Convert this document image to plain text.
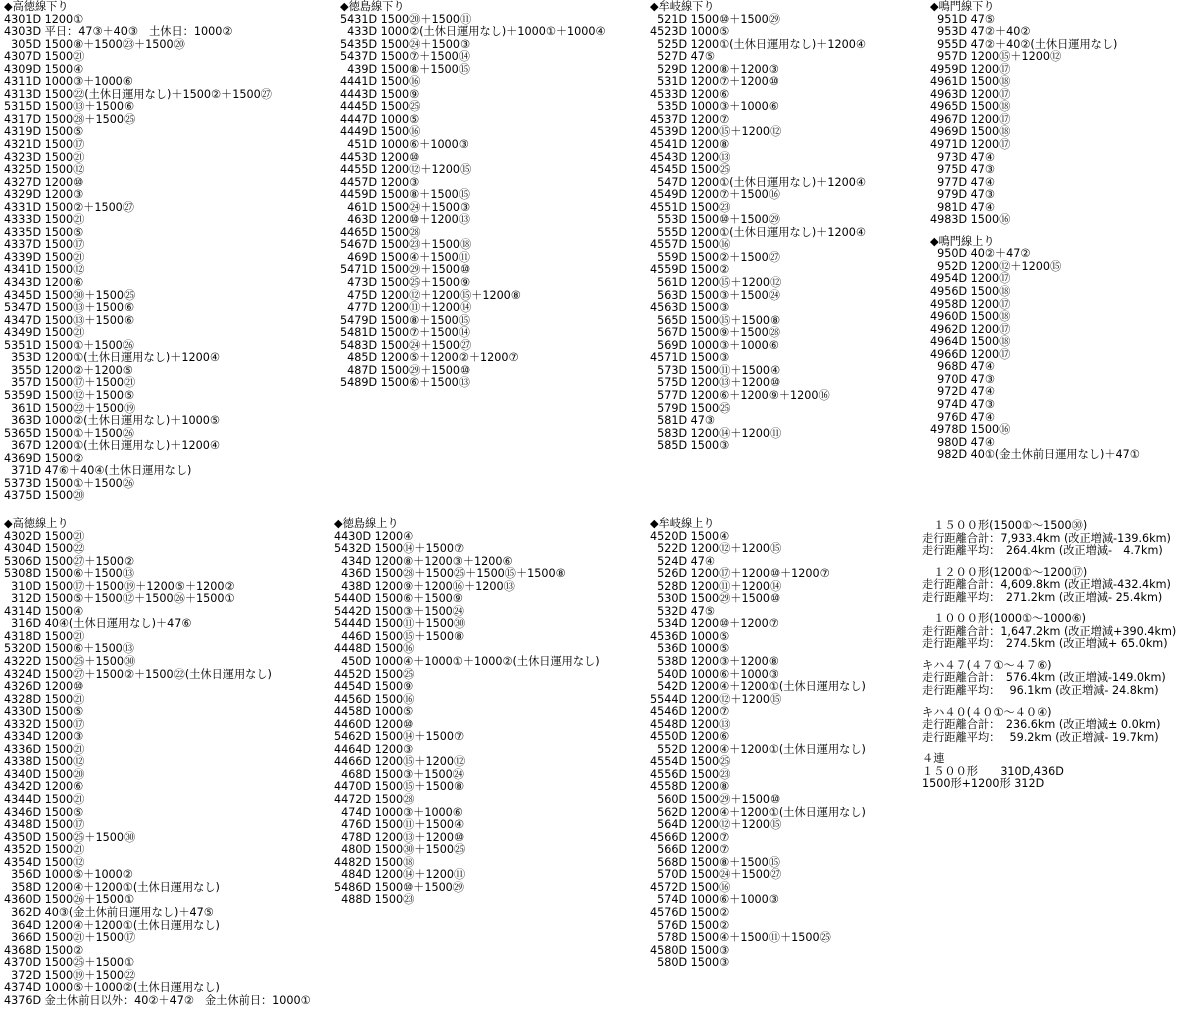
◆高徳線下り
4301D 1200①
4303D 平日：47③＋40③　土休日：1000②
305D 1500⑧＋1500㉓＋1500⑳
4307D 1500㉑
4309D 1500④
4311D 1000③＋1000⑥
4313D 1500㉒(土休日運用なし)＋1500②＋1500㉗
5315D 1500⑬＋1500⑥
4317D 1500㉘＋1500㉕
4319D 1500⑤
4321D 1500⑰
4323D 1500㉑
4325D 1500⑫
4327D 1200⑩
4329D 1200③
4331D 1500②＋1500㉗
4333D 1500㉑
4335D 1500⑤
4337D 1500⑰
4339D 1500㉑
4341D 1500⑫
4343D 1200⑥
4345D 1500㉚＋1500㉕
5347D 1500⑬＋1500⑥
4347D 1500⑬＋1500⑥
4349D 1500㉑
5351D 1500①＋1500㉖
353D 1200①(土休日運用なし)＋1200④
355D 1200②＋1200⑤
357D 1500⑰＋1500㉑
5359D 1500⑫＋1500⑤
361D 1500㉒＋1500⑲
363D 1000②(土休日運用なし)＋1000⑤
5365D 1500①＋1500㉖
367D 1200①(土休日運用なし)＋1200④
4369D 1500②
371D 47⑥＋40④(土休日運用なし)
5373D 1500①＋1500㉖
4375D 1500⑳
◆徳島線下り
5431D 1500⑳＋1500⑪
433D 1000②(土休日運用なし)＋1000①＋1000④
5435D 1500㉔＋1500③
5437D 1500⑦＋1500⑭
439D 1500⑧＋1500⑮
4441D 1500⑯
4443D 1500⑨
4445D 1500㉕
4447D 1000⑤
4449D 1500⑯
451D 1000⑥＋1000③
4453D 1200⑩
4455D 1200⑫＋1200⑮
4457D 1200③
4459D 1500⑧＋1500⑮
461D 1500㉔＋1500③
463D 1200⑩＋1200⑬
4465D 1500㉘
5467D 1500㉓＋1500⑱
469D 1500④＋1500⑪
5471D 1500㉙＋1500⑩
473D 1500㉕＋1500⑨
475D 1200⑫＋1200⑮＋1200⑧
477D 1200⑪＋1200⑭
5479D 1500⑧＋1500⑮
5481D 1500⑦＋1500⑭
5483D 1500㉔＋1500㉗
485D 1200⑤＋1200②＋1200⑦
487D 1500㉙＋1500⑩
5489D 1500⑥＋1500⑬
◆牟岐線下り
521D 1500⑩＋1500㉙
4523D 1000⑤
525D 1200①(土休日運用なし)＋1200④
527D 47⑤
529D 1200⑧＋1200③
531D 1200⑦＋1200⑩
4533D 1200⑥
535D 1000③＋1000⑥
4537D 1200⑦
4539D 1200⑮＋1200⑫
4541D 1200⑧
4543D 1200⑬
4545D 1500㉕
547D 1200①(土休日運用なし)＋1200④
4549D 1200⑦＋1500⑯
4551D 1500㉓
553D 1500⑩＋1500㉙
555D 1200①(土休日運用なし)＋1200④
4557D 1500⑯
559D 1500②＋1500㉗
4559D 1500②
561D 1200⑮＋1200⑫
563D 1500③＋1500㉔
4563D 1500③
565D 1500⑮＋1500⑧
567D 1500⑨＋1500㉘
569D 1000③＋1000⑥
4571D 1500③
573D 1500⑪＋1500④
575D 1200⑬＋1200⑩
577D 1200⑥＋1200⑨＋1200⑯
579D 1500㉕
581D 47③
583D 1200⑭＋1200⑪
585D 1500③
◆鳴門線下り
951D 47⑤
953D 47②＋40②
955D 47②＋40②(土休日運用なし)
957D 1200⑮＋1200⑫
4959D 1200⑰
4961D 1500⑱
4963D 1200⑰
4965D 1500⑱
4967D 1200⑰
4969D 1500⑱
4971D 1200⑰
973D 47④
975D 47③
977D 47④
979D 47③
981D 47④
4983D 1500⑯
◆鳴門線上り
950D 40②＋47②
952D 1200⑫＋1200⑮
4954D 1200⑰
4956D 1500⑱
4958D 1200⑰
4960D 1500⑱
4962D 1200⑰
4964D 1500⑱
4966D 1200⑰
968D 47④
970D 47③
972D 47④
974D 47③
976D 47④
4978D 1500⑯
980D 47④
982D 40①(金土休前日運用なし)＋47①
◆高徳線上り
4302D 1500㉑
4304D 1500㉒
5306D 1500㉗＋1500②
5308D 1500⑥＋1500⑬
310D 1500⑰＋1500⑲＋1200⑤＋1200②
312D 1500⑤＋1500⑫＋1500㉖＋1500①
4314D 1500④
316D 40④(土休日運用なし)＋47⑥
4318D 1500㉑
5320D 1500⑥＋1500⑬
4322D 1500㉕＋1500㉚
4324D 1500㉗＋1500②＋1500㉒(土休日運用なし)
4326D 1200⑩
4328D 1500㉑
4330D 1500⑤
4332D 1500⑰
4334D 1200③
4336D 1500㉑
4338D 1500⑫
4340D 1500⑳
4342D 1200⑥
4344D 1500㉑
4346D 1500⑤
4348D 1500⑰
4350D 1500㉕＋1500㉚
4352D 1500㉑
4354D 1500⑫
356D 1000⑤＋1000②
358D 1200④＋1200①(土休日運用なし)
4360D 1500㉖＋1500①
362D 40③(金土休前日運用なし)＋47⑤
364D 1200④＋1200①(土休日運用なし)
366D 1500㉑＋1500⑰
4368D 1500②
4370D 1500㉕＋1500①
372D 1500⑲＋1500㉒
4374D 1000⑤＋1000②(土休日運用なし)
4376D 金土休前日以外：40②＋47②　金土休前日：1000①
◆徳島線上り
4430D 1200④
5432D 1500⑭＋1500⑦
434D 1200⑧＋1200③＋1200⑥
436D 1500㉘＋1500㉕＋1500⑮＋1500⑧
438D 1200⑨＋1200⑯＋1200⑬
5440D 1500⑥＋1500⑨
5442D 1500③＋1500㉔
5444D 1500⑪＋1500㉚
446D 1500⑮＋1500⑧
4448D 1500⑯
450D 1000④＋1000①＋1000②(土休日運用なし)
4452D 1500㉕
4454D 1500⑨
4456D 1500⑯
4458D 1000⑤
4460D 1200⑩
5462D 1500⑭＋1500⑦
4464D 1200③
4466D 1200⑮＋1200⑫
468D 1500③＋1500㉔
4470D 1500⑮＋1500⑧
4472D 1500㉘
474D 1000③＋1000⑥
476D 1500⑪＋1500④
478D 1200⑬＋1200⑩
480D 1500㉚＋1500㉕
4482D 1500⑱
484D 1200⑭＋1200⑪
5486D 1500⑩＋1500㉙
488D 1500㉓
◆牟岐線上り
4520D 1500④
522D 1200⑫＋1200⑮
524D 47④
526D 1200⑰＋1200⑩＋1200⑦
528D 1200⑪＋1200⑭
530D 1500㉙＋1500⑩
532D 47⑤
534D 1200⑩＋1200⑦
4536D 1000⑤
536D 1000⑤
538D 1200③＋1200⑧
540D 1000⑥＋1000③
542D 1200④＋1200①(土休日運用なし)
5544D 1200⑫＋1200⑮
4546D 1200⑦
4548D 1200⑬
4550D 1200⑥
552D 1200④＋1200①(土休日運用なし)
4554D 1500㉕
4556D 1500㉓
4558D 1200⑧
560D 1500㉙＋1500⑩
562D 1200④＋1200①(土休日運用なし)
564D 1200⑫＋1200⑮
4566D 1200⑦
566D 1200⑦
568D 1500⑧＋1500⑮
570D 1500㉔＋1500㉗
4572D 1500⑯
574D 1000⑥＋1000③
4576D 1500②
576D 1500②
578D 1500④＋1500⑪＋1500㉕
4580D 1500③
580D 1500③
　１５００形(1500①〜1500㉚)
走行距離合計：7,933.4km (改正増減-139.6km)
走行距離平均：　264.4km (改正増減-　4.7km)
　１２００形(1200①〜1200⑰)
走行距離合計：4,609.8km (改正増減-432.4km)
走行距離平均：　271.2km (改正増減- 25.4km)
　１０００形(1000①〜1000⑥)
走行距離合計：1,647.2km (改正増減+390.4km)
走行距離平均：　274.5km (改正増減+ 65.0km)
キハ４７(４７①〜４７⑥)
走行距離合計：　576.4km (改正増減-149.0km)
走行距離平均：　 96.1km (改正増減- 24.8km)
キハ４０(４０①〜４０④)
走行距離合計：　236.6km (改正増減± 0.0km)
走行距離平均：　 59.2km (改正増減- 19.7km)
４連
１５００形　　310D,436D
1500形+1200形 312D
